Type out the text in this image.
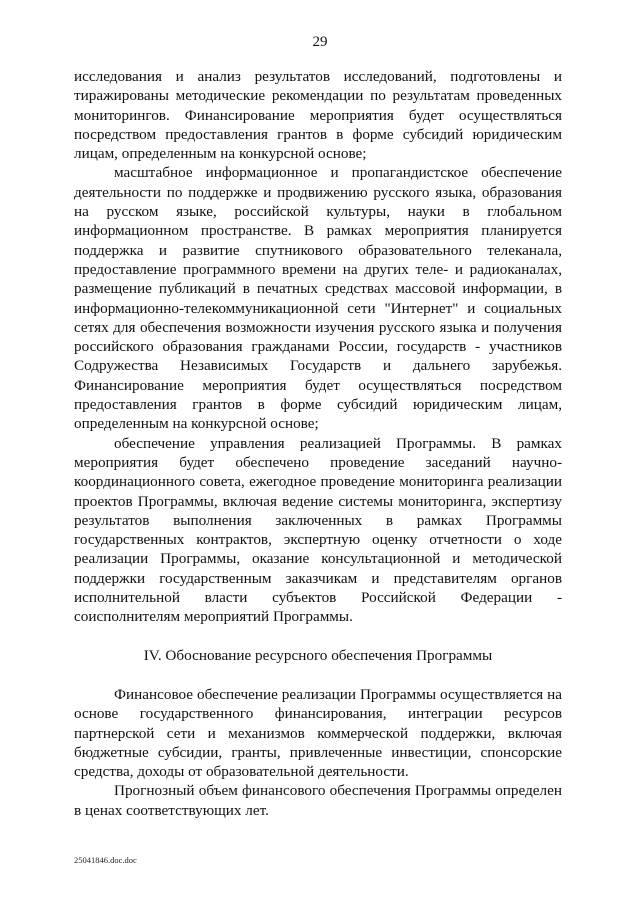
29

исследования и анализ результатов исследований, подготовлены и тиражированы методические рекомендации по результатам проведенных мониторингов. Финансирование мероприятия будет осуществляться посредством предоставления грантов в форме субсидий юридическим лицам, определенным на конкурсной основе;

масштабное информационное и пропагандистское обеспечение деятельности по поддержке и продвижению русского языка, образования на русском языке, российской культуры, науки в глобальном информационном пространстве. В рамках мероприятия планируется поддержка и развитие спутникового образовательного телеканала, предоставление программного времени на других теле- и радиоканалах, размещение публикаций в печатных средствах массовой информации, в информационно-телекоммуникационной сети "Интернет" и социальных сетях для обеспечения возможности изучения русского языка и получения российского образования гражданами России, государств - участников Содружества Независимых Государств и дальнего зарубежья. Финансирование мероприятия будет осуществляться посредством предоставления грантов в форме субсидий юридическим лицам, определенным на конкурсной основе;

обеспечение управления реализацией Программы. В рамках мероприятия будет обеспечено проведение заседаний научно-координационного совета, ежегодное проведение мониторинга реализации проектов Программы, включая ведение системы мониторинга, экспертизу результатов выполнения заключенных в рамках Программы государственных контрактов, экспертную оценку отчетности о ходе реализации Программы, оказание консультационной и методической поддержки государственным заказчикам и представителям органов исполнительной власти субъектов Российской Федерации - соисполнителям мероприятий Программы.

IV. Обоснование ресурсного обеспечения Программы

Финансовое обеспечение реализации Программы осуществляется на основе государственного финансирования, интеграции ресурсов партнерской сети и механизмов коммерческой поддержки, включая бюджетные субсидии, гранты, привлеченные инвестиции, спонсорские средства, доходы от образовательной деятельности.

Прогнозный объем финансового обеспечения Программы определен в ценах соответствующих лет.

25041846.doc.doc
